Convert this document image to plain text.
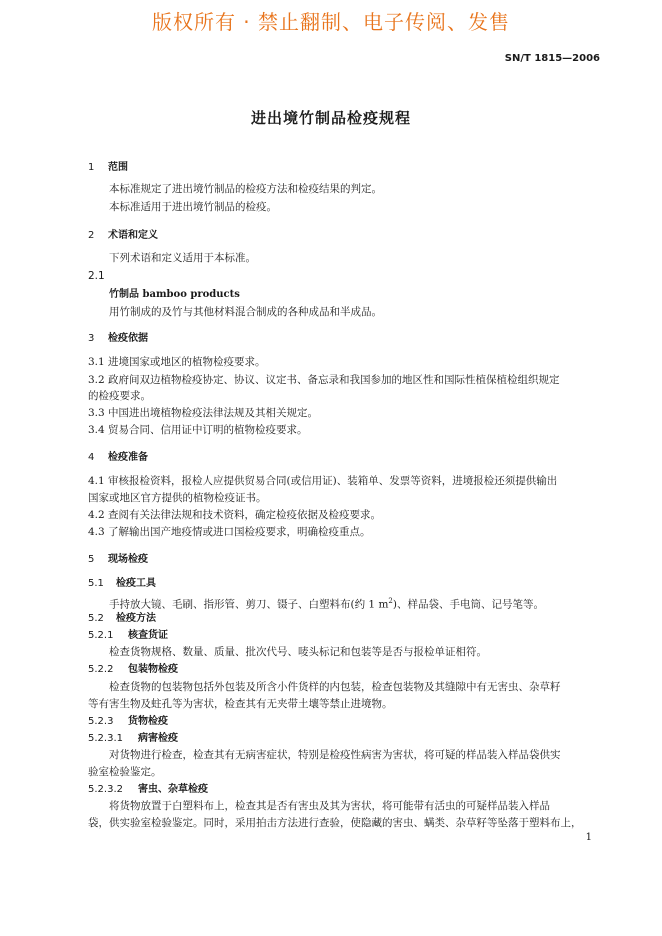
版权所有 · 禁止翻制、电子传阅、发售
SN/T 1815—2006
进出境竹制品检疫规程
1 范围
本标准规定了进出境竹制品的检疫方法和检疫结果的判定。
本标准适用于进出境竹制品的检疫。
2 术语和定义
下列术语和定义适用于本标准。
2.1
竹制品 bamboo products
用竹制成的及竹与其他材料混合制成的各种成品和半成品。
3 检疫依据
3.1 进境国家或地区的植物检疫要求。
3.2 政府间双边植物检疫协定、协议、议定书、备忘录和我国参加的地区性和国际性植保植检组织规定
的检疫要求。
3.3 中国进出境植物检疫法律法规及其相关规定。
3.4 贸易合同、信用证中订明的植物检疫要求。
4 检疫准备
4.1 审核报检资料，报检人应提供贸易合同(或信用证)、装箱单、发票等资料，进境报检还须提供输出
国家或地区官方提供的植物检疫证书。
4.2 查阅有关法律法规和技术资料，确定检疫依据及检疫要求。
4.3 了解输出国产地疫情或进口国检疫要求，明确检疫重点。
5 现场检疫
5.1 检疫工具
手持放大镜、毛刷、指形管、剪刀、镊子、白塑料布(约 1 $m^2$)、样品袋、手电筒、记号笔等。
5.2 检疫方法
5.2.1 核查货证
检查货物规格、数量、质量、批次代号、唛头标记和包装等是否与报检单证相符。
5.2.2 包装物检疫
检查货物的包装物包括外包装及所含小件货样的内包装，检查包装物及其缝隙中有无害虫、杂草籽
等有害生物及蛀孔等为害状，检查其有无夹带土壤等禁止进境物。
5.2.3 货物检疫
5.2.3.1 病害检疫
对货物进行检查，检查其有无病害症状，特别是检疫性病害为害状，将可疑的样品装入样品袋供实
验室检验鉴定。
5.2.3.2 害虫、杂草检疫
将货物放置于白塑料布上，检查其是否有害虫及其为害状，将可能带有活虫的可疑样品装入样品
袋，供实验室检验鉴定。同时，采用拍击方法进行查验，使隐藏的害虫、螨类、杂草籽等坠落于塑料布上，
1
